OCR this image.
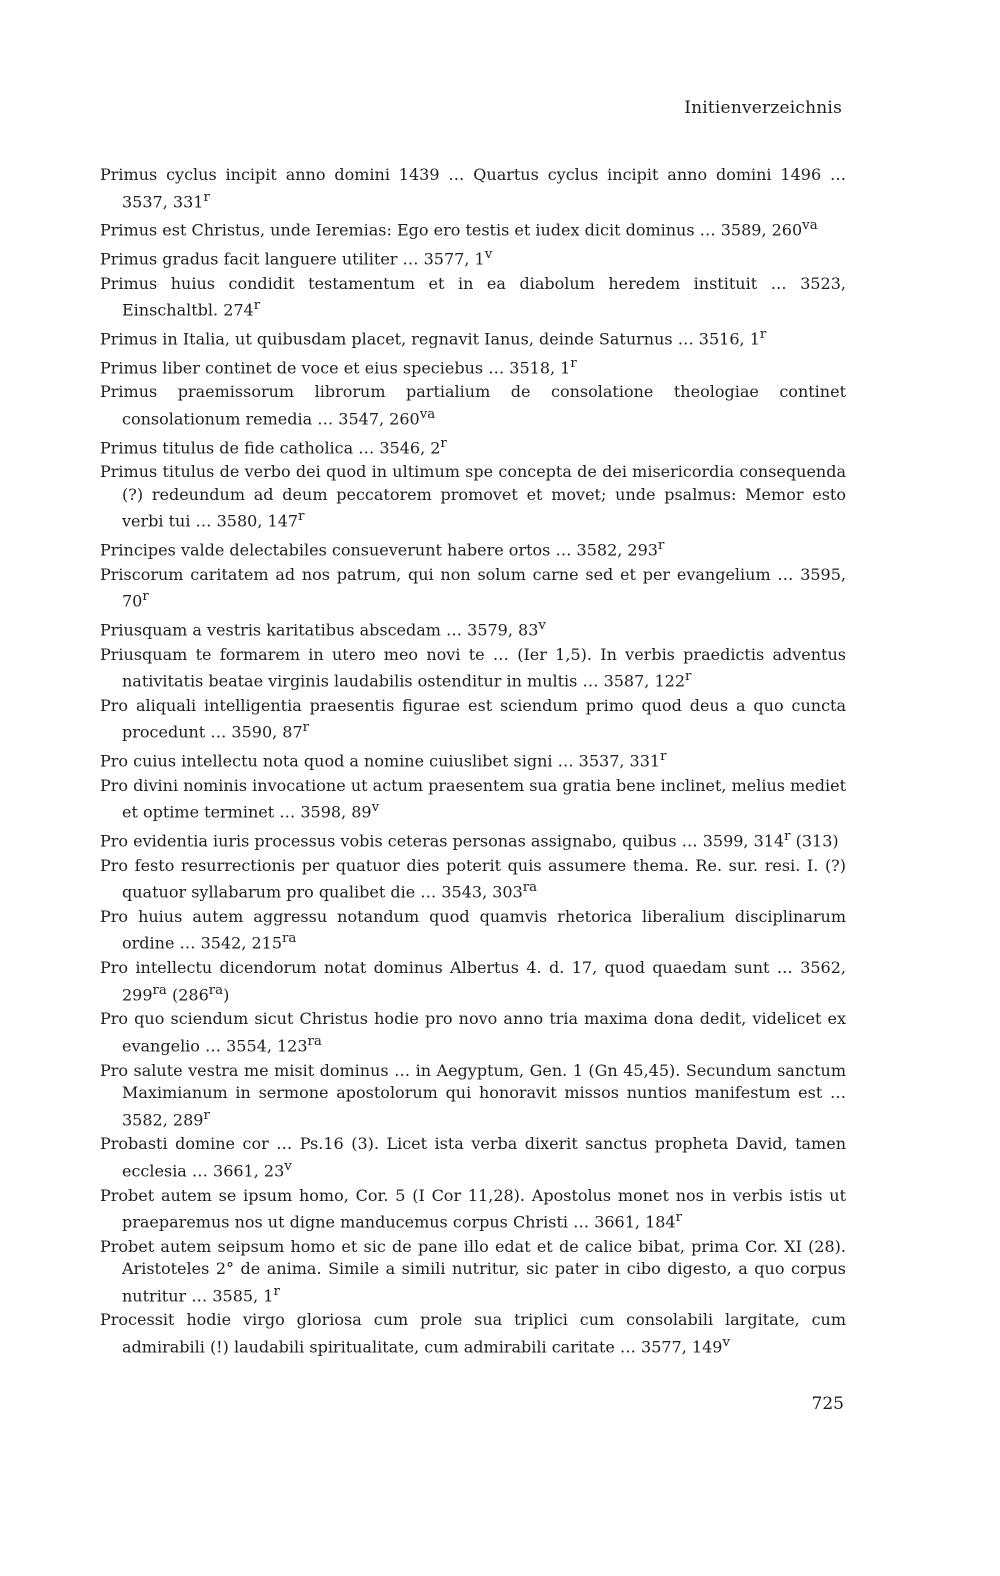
Initienverzeichnis
Primus cyclus incipit anno domini 1439 … Quartus cyclus incipit anno domini 1496 … 3537, 331$^r$
Primus est Christus, unde Ieremias: Ego ero testis et iudex dicit dominus … 3589, $260^{va}$
Primus gradus facit languere utiliter … 3577, 1$^v$
Primus huius condidit testamentum et in ea diabolum heredem instituit … 3523, Einschaltbl. 274$^r$
Primus in Italia, ut quibusdam placet, regnavit Ianus, deinde Saturnus … 3516, 1$^r$
Primus liber continet de voce et eius speciebus … 3518, 1$^r$
Primus praemissorum librorum partialium de consolatione theologiae continet consolationum remedia … 3547, $260^{va}$
Primus titulus de fide catholica … 3546, 2$^r$
Primus titulus de verbo dei quod in ultimum spe concepta de dei misericordia consequenda (?) redeundum ad deum peccatorem promovet et movet; unde psalmus: Memor esto verbi tui … 3580, 147$^r$
Principes valde delectabiles consueverunt habere ortos … 3582, 293$^r$
Priscorum caritatem ad nos patrum, qui non solum carne sed et per evangelium … 3595, 70$^r$
Priusquam a vestris karitatibus abscedam … 3579, 83$^v$
Priusquam te formarem in utero meo novi te … (Ier 1,5). In verbis praedictis adventus nativitatis beatae virginis laudabilis ostenditur in multis … 3587, 122$^r$
Pro aliquali intelligentia praesentis figurae est sciendum primo quod deus a quo cuncta procedunt … 3590, 87$^r$
Pro cuius intellectu nota quod a nomine cuiuslibet signi … 3537, 331$^r$
Pro divini nominis invocatione ut actum praesentem sua gratia bene inclinet, melius mediet et optime terminet … 3598, 89$^v$
Pro evidentia iuris processus vobis ceteras personas assignabo, quibus … 3599, 314$^r$ (313)
Pro festo resurrectionis per quatuor dies poterit quis assumere thema. Re. sur. resi. I. (?) quatuor syllabarum pro qualibet die … 3543, $303^{ra}$
Pro huius autem aggressu notandum quod quamvis rhetorica liberalium disciplinarum ordine … 3542, $215^{ra}$
Pro intellectu dicendorum notat dominus Albertus 4. d. 17, quod quaedam sunt … 3562, $299^{ra}$ $(286^{ra})$
Pro quo sciendum sicut Christus hodie pro novo anno tria maxima dona dedit, videlicet ex evangelio … 3554, $123^{ra}$
Pro salute vestra me misit dominus … in Aegyptum, Gen. 1 (Gn 45,45). Secundum sanctum Maximianum in sermone apostolorum qui honoravit missos nuntios manifestum est … 3582, 289$^r$
Probasti domine cor … Ps.16 (3). Licet ista verba dixerit sanctus propheta David, tamen ecclesia … 3661, 23$^v$
Probet autem se ipsum homo, Cor. 5 (I Cor 11,28). Apostolus monet nos in verbis istis ut praeparemus nos ut digne manducemus corpus Christi … 3661, 184$^r$
Probet autem seipsum homo et sic de pane illo edat et de calice bibat, prima Cor. XI (28). Aristoteles 2° de anima. Simile a simili nutritur, sic pater in cibo digesto, a quo corpus nutritur … 3585, 1$^r$
Processit hodie virgo gloriosa cum prole sua triplici cum consolabili largitate, cum admirabili (!) laudabili spiritualitate, cum admirabili caritate … 3577, 149$^v$
725
